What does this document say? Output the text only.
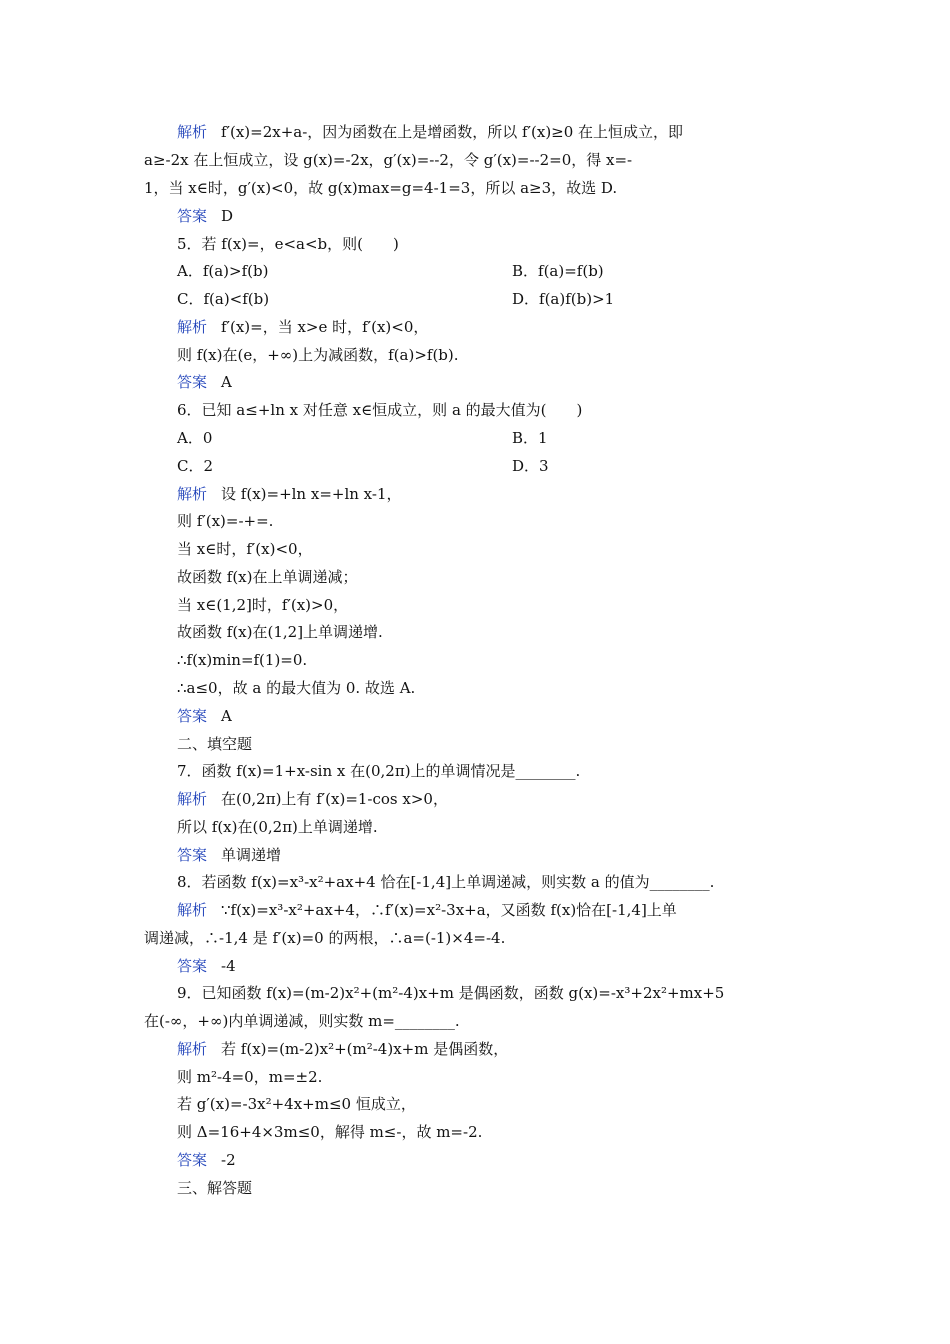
解析 f′(x)=2x+a-，因为函数在上是增函数，所以 f′(x)≥0 在上恒成立，即
a≥-2x 在上恒成立，设 g(x)=-2x，g′(x)=--2，令 g′(x)=--2=0，得 x=-
1，当 x∈时，g′(x)<0，故 g(x)max=g=4-1=3，所以 a≥3，故选 D.
答案 D
5．若 f(x)=，e<a<b，则(　　)
A．f(a)>f(b)	B．f(a)=f(b)
C．f(a)<f(b)	D．f(a)f(b)>1
解析 f′(x)=，当 x>e 时，f′(x)<0，
则 f(x)在(e，+∞)上为减函数，f(a)>f(b).
答案 A
6．已知 a≤+ln x 对任意 x∈恒成立，则 a 的最大值为(　　)
A．0	B．1
C．2	D．3
解析 设 f(x)=+ln x=+ln x-1，
则 f′(x)=-+=.
当 x∈时，f′(x)<0，
故函数 f(x)在上单调递减；
当 x∈(1,2]时，f′(x)>0，
故函数 f(x)在(1,2]上单调递增.
∴f(x)min=f(1)=0.
∴a≤0，故 a 的最大值为 0. 故选 A.
答案 A
二、填空题
7．函数 f(x)=1+x-sin x 在(0,2π)上的单调情况是________.
解析 在(0,2π)上有 f′(x)=1-cos x>0，
所以 f(x)在(0,2π)上单调递增.
答案 单调递增
8．若函数 f(x)=x³-x²+ax+4 恰在[-1,4]上单调递减，则实数 a 的值为________.
解析 ∵f(x)=x³-x²+ax+4，∴f′(x)=x²-3x+a，又函数 f(x)恰在[-1,4]上单
调递减，∴-1,4 是 f′(x)=0 的两根，∴a=(-1)×4=-4.
答案 -4
9．已知函数 f(x)=(m-2)x²+(m²-4)x+m 是偶函数，函数 g(x)=-x³+2x²+mx+5
在(-∞，+∞)内单调递减，则实数 m=________.
解析 若 f(x)=(m-2)x²+(m²-4)x+m 是偶函数，
则 m²-4=0，m=±2.
若 g′(x)=-3x²+4x+m≤0 恒成立，
则 Δ=16+4×3m≤0，解得 m≤-，故 m=-2.
答案 -2
三、解答题
